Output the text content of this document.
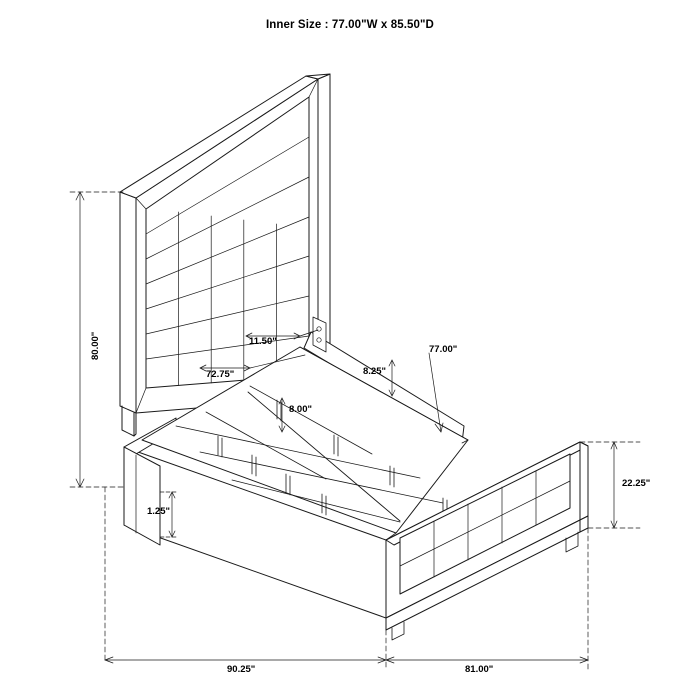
Inner Size : 77.00"W x 85.50"D
80.00"
72.75"
11.50"
8.00"
8.25"
77.00"
22.25"
1.25"
90.25"	81.00"
